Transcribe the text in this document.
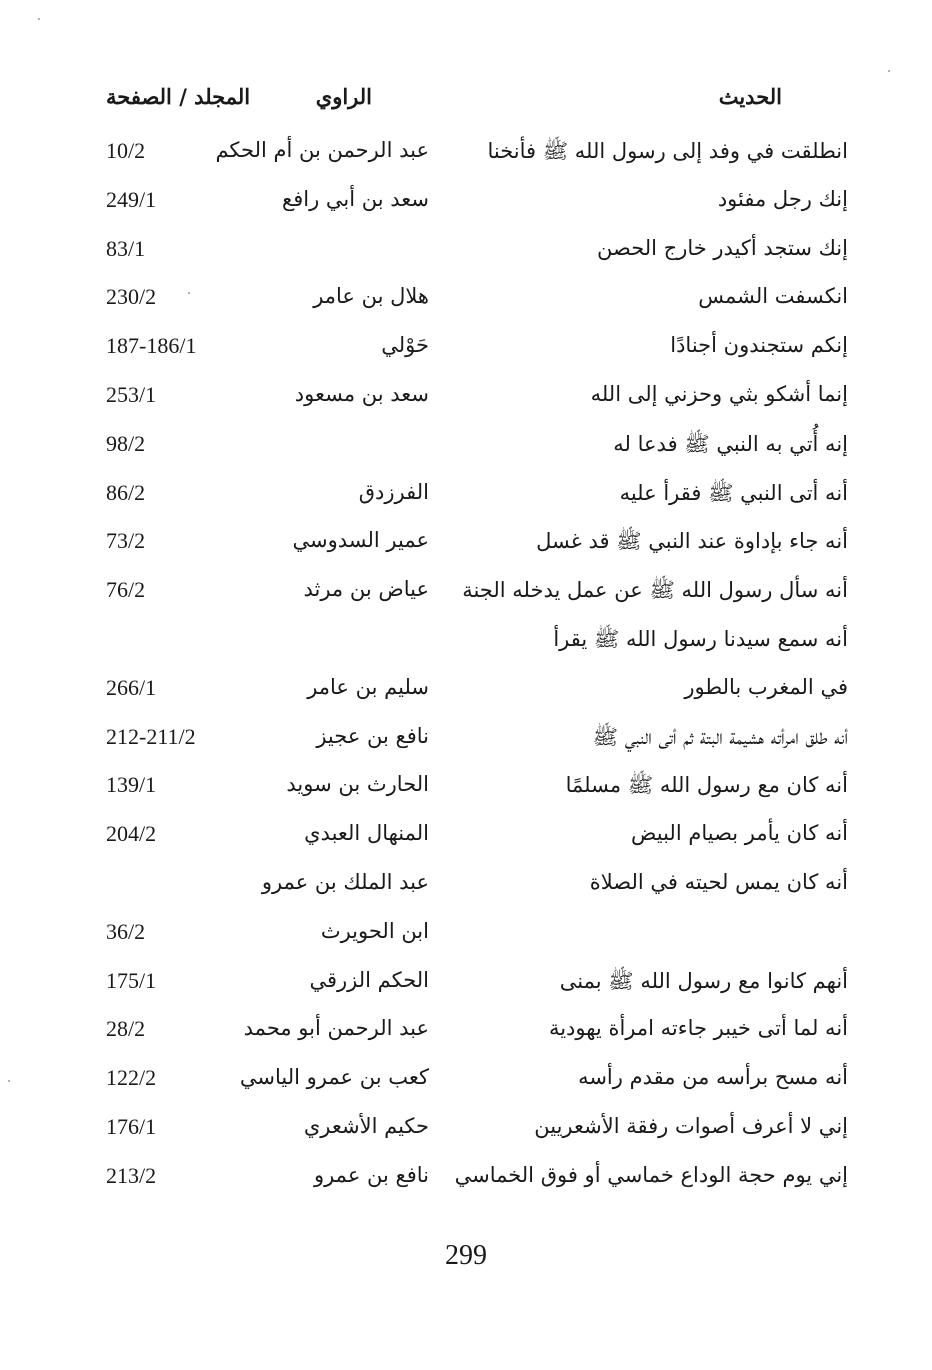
الحديث
الراوي
المجلد / الصفحة
انطلقت في وفد إلى رسول الله ﷺ فأنخنا
عبد الرحمن بن أم الحكم
10/2
إنك رجل مفئود
سعد بن أبي رافع
249/1
إنك ستجد أكيدر خارج الحصن
83/1
انكسفت الشمس
هلال بن عامر
230/2
إنكم ستجندون أجنادًا
حَوْلي
187-186/1
إنما أشكو بثي وحزني إلى الله
سعد بن مسعود
253/1
إنه أُتي به النبي ﷺ فدعا له
98/2
أنه أتى النبي ﷺ فقرأ عليه
الفرزدق
86/2
أنه جاء بإداوة عند النبي ﷺ قد غسل
عمير السدوسي
73/2
أنه سأل رسول الله ﷺ عن عمل يدخله الجنة
عياض بن مرثد
76/2
أنه سمع سيدنا رسول الله ﷺ يقرأ
في المغرب بالطور
سليم بن عامر
266/1
أنه طلق امرأته هشيمة البتة ثم أتى النبي ﷺ
نافع بن عجيز
212-211/2
أنه كان مع رسول الله ﷺ مسلمًا
الحارث بن سويد
139/1
أنه كان يأمر بصيام البيض
المنهال العبدي
204/2
أنه كان يمس لحيته في الصلاة
عبد الملك بن عمرو
ابن الحويرث
36/2
أنهم كانوا مع رسول الله ﷺ بمنى
الحكم الزرقي
175/1
أنه لما أتى خيبر جاءته امرأة يهودية
عبد الرحمن أبو محمد
28/2
أنه مسح برأسه من مقدم رأسه
كعب بن عمرو الياسي
122/2
إني لا أعرف أصوات رفقة الأشعريين
حكيم الأشعري
176/1
إني يوم حجة الوداع خماسي أو فوق الخماسي
نافع بن عمرو
213/2
299
